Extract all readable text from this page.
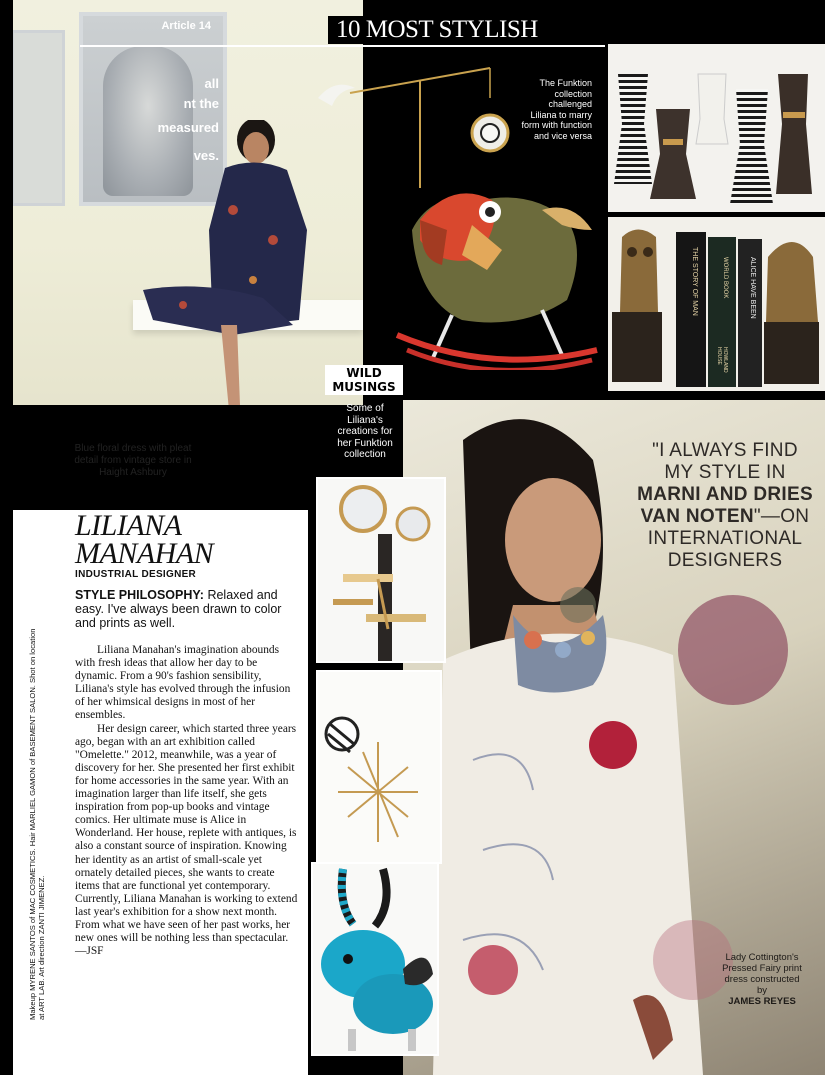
Article 14
all
nt the
measured
ves.
Blue floral dress with pleat detail from vintage store in Haight Ashbury
10 MOST STYLISH
The Funktion collection challenged Liliana to marry form with function and vice versa
THE STORY OF MAN	WORLD BOOK	ALICE HAVE BEEN
HOWLAND HOUSE
"I ALWAYS FIND MY STYLE IN MARNI AND DRIES VAN NOTEN"—ON INTERNATIONAL DESIGNERS
Lady Cottington's Pressed Fairy print dress constructed by
JAMES REYES
WILD
MUSINGS
Some of Liliana's creations for her Funktion collection
Makeup MYRENE SANTOS of MAC COSMETICS. Hair MARLIEL GAMON of BASEMENT SALON. Shot on location at ART LAB. Art direction ZANTI JIMENEZ.
LILIANA
MANAHAN
INDUSTRIAL DESIGNER
STYLE PHILOSOPHY: Relaxed and easy. I've always been drawn to color and prints as well.

Liliana Manahan's imagination abounds with fresh ideas that allow her day to be dynamic. From a 90's fashion sensibility, Liliana's style has evolved through the infusion of her whimsical designs in most of her ensembles.

Her design career, which started three years ago, began with an art exhibition called "Omelette." 2012, meanwhile, was a year of discovery for her. She presented her first exhibit for home accessories in the same year. With an imagination larger than life itself, she gets inspiration from pop-up books and vintage comics. Her ultimate muse is Alice in Wonderland. Her house, replete with antiques, is also a constant source of inspiration. Knowing her identity as an artist of small-scale yet ornately detailed pieces, she wants to create items that are functional yet contemporary. Currently, Liliana Manahan is working to extend last year's exhibition for a show next month. From what we have seen of her past works, her new ones will be nothing less than spectacular.—JSF
